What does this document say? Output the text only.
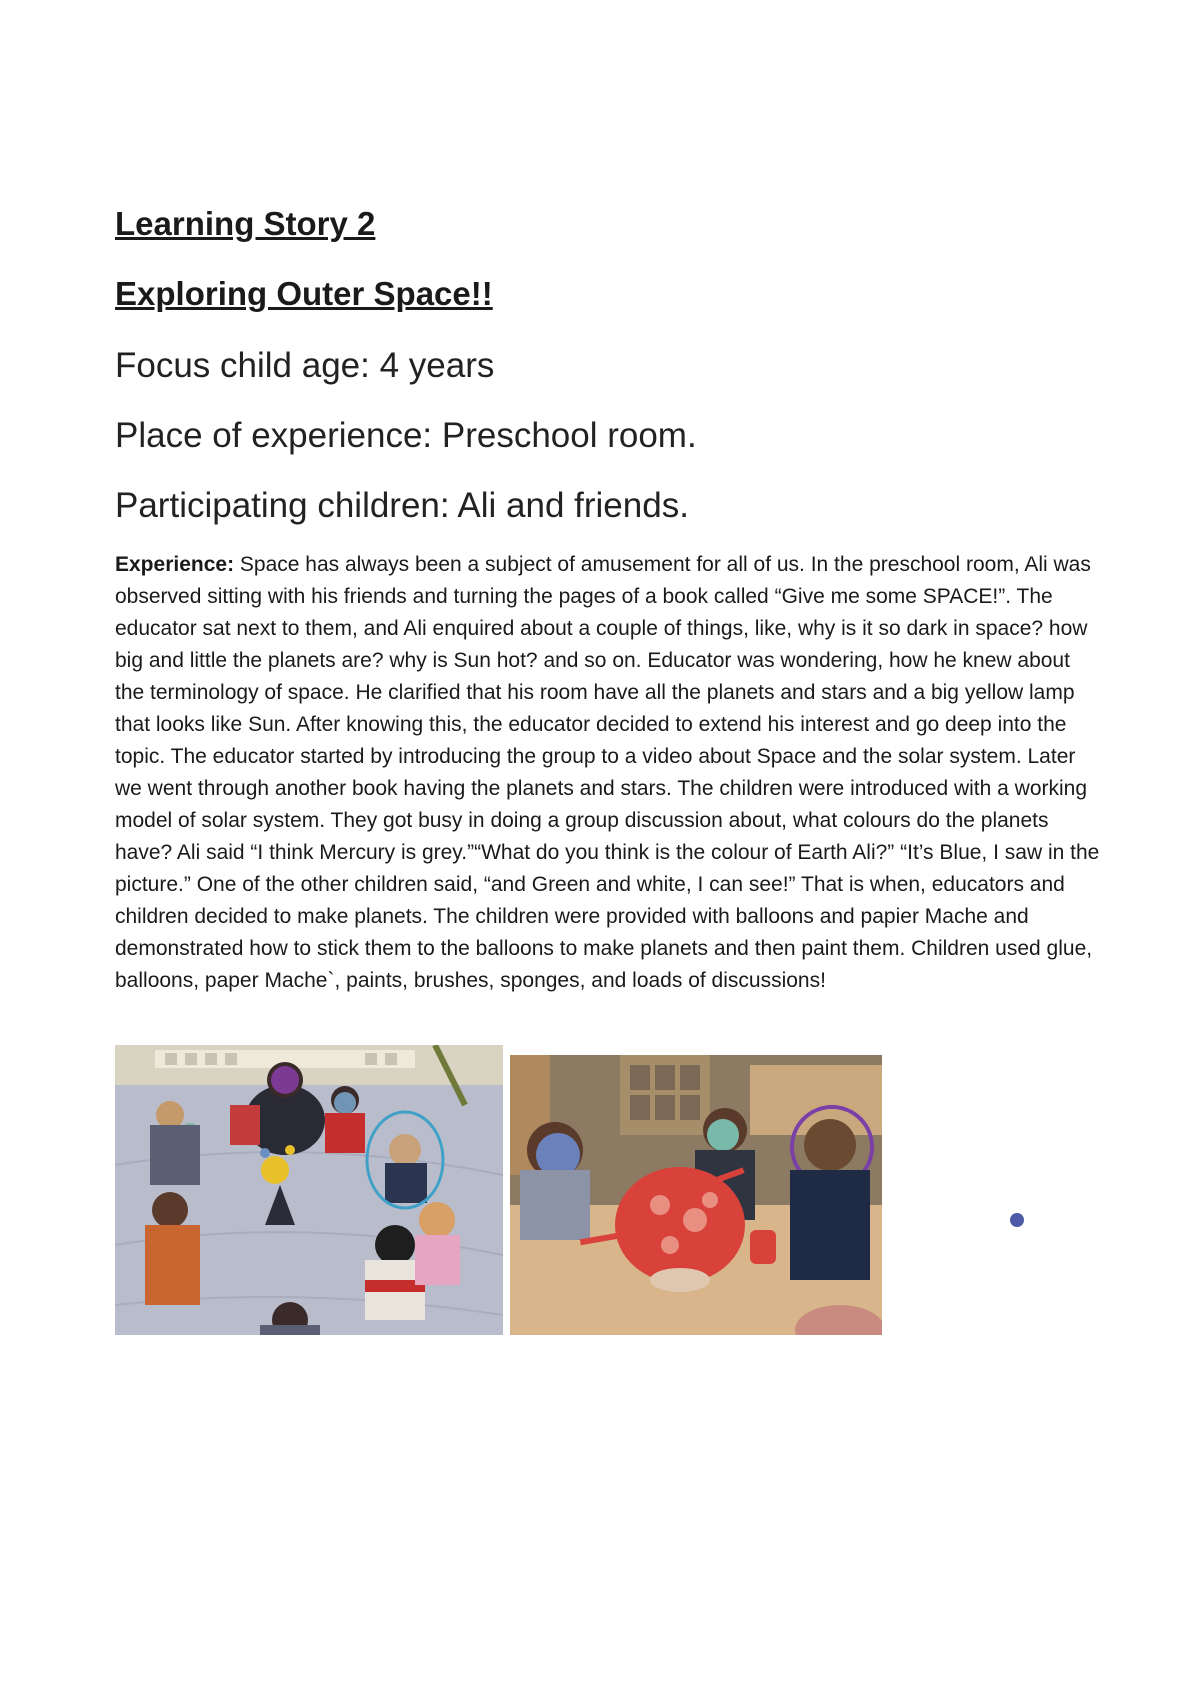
Learning Story 2
Exploring Outer Space!!

Focus child age: 4 years

Place of experience: Preschool room.

Participating children: Ali and friends.

Experience: Space has always been a subject of amusement for all of us. In the preschool room, Ali was observed sitting with his friends and turning the pages of a book called “Give me some SPACE!”. The educator sat next to them, and Ali enquired about a couple of things, like, why is it so dark in space? how big and little the planets are? why is Sun hot? and so on. Educator was wondering, how he knew about the terminology of space. He clarified that his room have all the planets and stars and a big yellow lamp that looks like Sun. After knowing this, the educator decided to extend his interest and go deep into the topic. The educator started by introducing the group to a video about Space and the solar system. Later we went through another book having the planets and stars. The children were introduced with a working model of solar system. They got busy in doing a group discussion about, what colours do the planets have? Ali said “I think Mercury is grey.”“What do you think is the colour of Earth Ali?” “It’s Blue, I saw in the picture.” One of the other children said, “and Green and white, I can see!” That is when, educators and children decided to make planets. The children were provided with balloons and papier Mache and demonstrated how to stick them to the balloons to make planets and then paint them. Children used glue, balloons, paper Mache`, paints, brushes, sponges, and loads of discussions!
